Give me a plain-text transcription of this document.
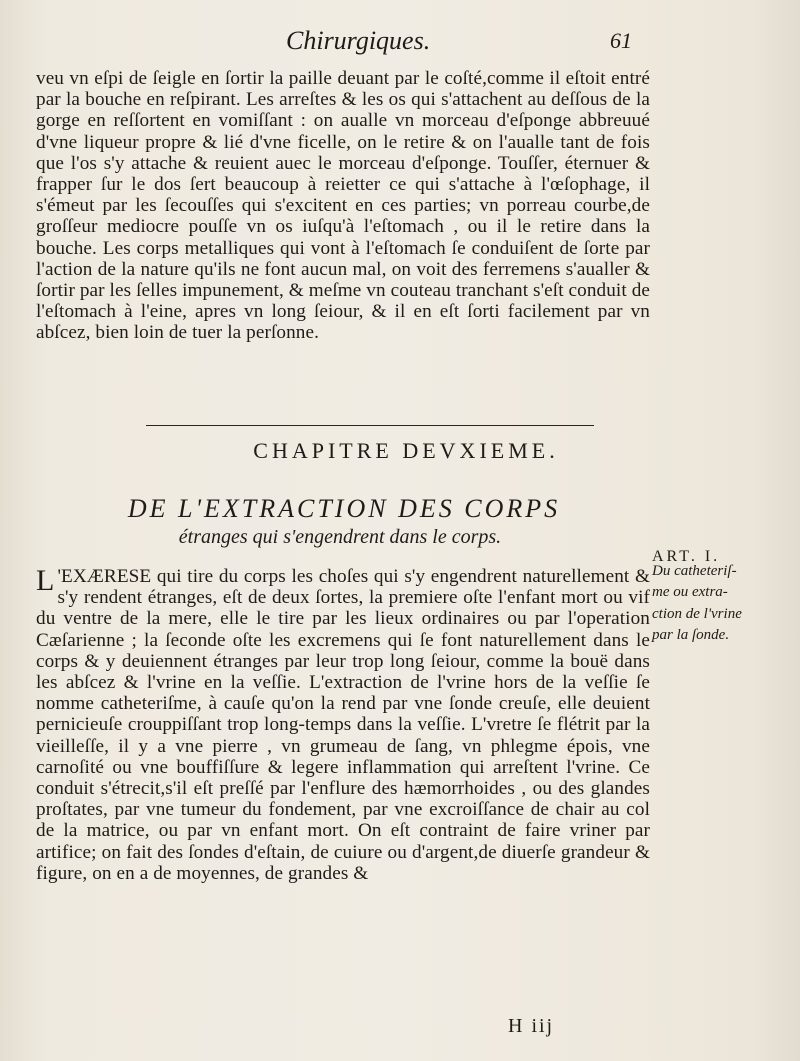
Chirurgiques.	61
veu vn eſpi de ſeigle en ſortir la paille deuant par le coſté,comme il eſtoit entré par la bouche en reſpirant. Les arreſtes & les os qui s'attachent au deſſous de la gorge en reſſortent en vomiſſant : on aualle vn morceau d'eſponge abbreuué d'vne liqueur propre & lié d'vne ficelle, on le retire & on l'aualle tant de fois que l'os s'y attache & reuient auec le morceau d'eſponge. Touſſer, éternuer & frapper ſur le dos ſert beaucoup à reietter ce qui s'attache à l'œſophage, il s'émeut par les ſecouſſes qui s'excitent en ces parties; vn porreau courbe,de groſſeur mediocre pouſſe vn os iuſqu'à l'eſtomach , ou il le retire dans la bouche. Les corps metalliques qui vont à l'eſtomach ſe conduiſent de ſorte par l'action de la nature qu'ils ne font aucun mal, on voit des ferremens s'aualler & ſortir par les ſelles impunement, & meſme vn couteau tranchant s'eſt conduit de l'eſtomach à l'eine, apres vn long ſeiour, & il en eſt ſorti facilement par vn abſcez, bien loin de tuer la perſonne.
CHAPITRE DEVXIEME.
DE L'EXTRACTION DES CORPS
étranges qui s'engendrent dans le corps.
ART. I.
Du catheteriſ-
me ou extra-
ction de l'vrine
par la ſonde.
L 'EXÆRESE qui tire du corps les choſes qui s'y engendrent naturellement & s'y rendent étranges, eſt de deux ſortes, la premiere oſte l'enfant mort ou vif du ventre de la mere, elle le tire par les lieux ordinaires ou par l'operation Cæſarienne ; la ſeconde oſte les excremens qui ſe font naturellement dans le corps & y deuiennent étranges par leur trop long ſeiour, comme la bouë dans les abſcez & l'vrine en la veſſie. L'extraction de l'vrine hors de la veſſie ſe nomme catheteriſme, à cauſe qu'on la rend par vne ſonde creuſe, elle deuient pernicieuſe crouppiſſant trop long-temps dans la veſſie. L'vretre ſe flétrit par la vieilleſſe, il y a vne pierre , vn grumeau de ſang, vn phlegme épois, vne carnoſité ou vne bouffiſſure & legere inflammation qui arreſtent l'vrine. Ce conduit s'étrecit,s'il eſt preſſé par l'enflure des hæmorrhoides , ou des glandes proſtates, par vne tumeur du fondement, par vne excroiſſance de chair au col de la matrice, ou par vn enfant mort. On eſt contraint de faire vriner par artifice; on fait des ſondes d'eſtain, de cuiure ou d'argent,de diuerſe grandeur & figure, on en a de moyennes, de grandes &
H iij
